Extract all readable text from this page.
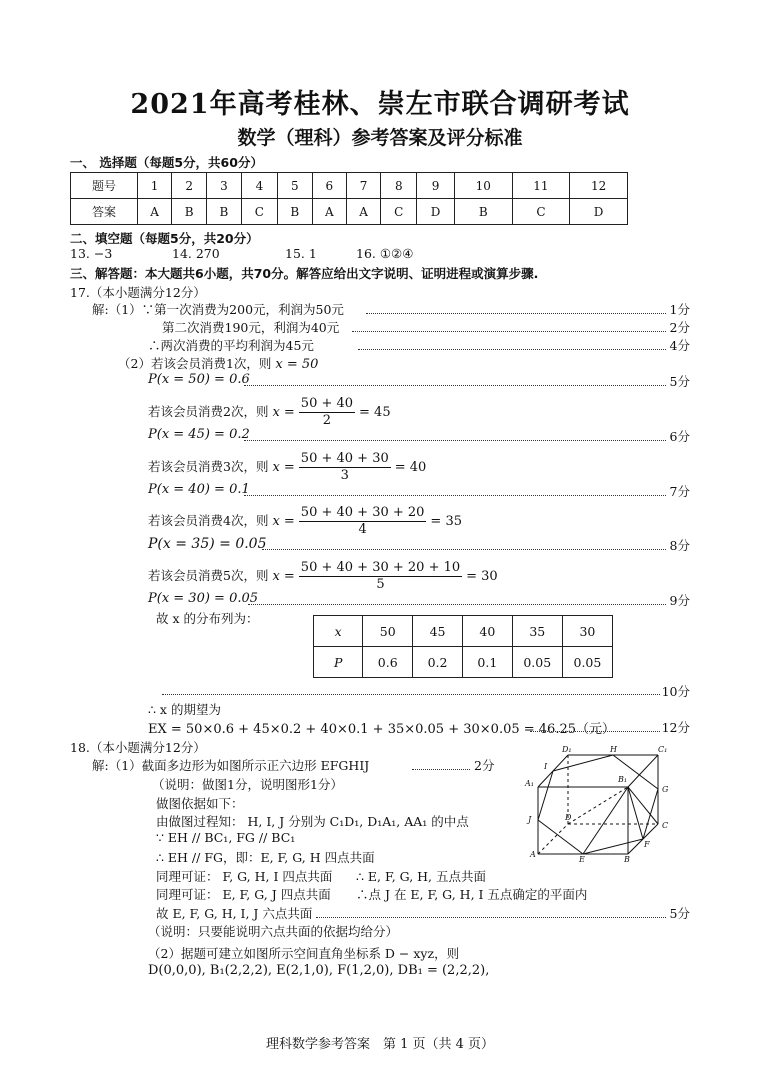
2021年高考桂林、崇左市联合调研考试
数学（理科）参考答案及评分标准
一、 选择题（每题5分，共60分）
题号	1	2	3	4	5	6	7	8	9	10	11	12
答案	A	B	B	C	B	A	A	C	D	B	C	D
二、填空题（每题5分，共20分）
13. −3	14. 270	15. 1	16. ①②④
三、解答题：本大题共6小题，共70分。解答应给出文字说明、证明进程或演算步骤.
17.（本小题满分12分）
解:（1）∵第一次消费为200元，利润为50元	1分
第二次消费190元，利润为40元	2分
∴两次消费的平均利润为45元	4分
（2）若该会员消费1次，则 x = 50
P(x = 50) = 0.6	5分
若该会员消费2次，则 $x = \frac{50 + 40}{2} = 45$
P(x = 45) = 0.2	6分
若该会员消费3次，则 $x = \frac{50 + 40 + 30}{3} = 40$
P(x = 40) = 0.1	7分
若该会员消费4次，则 $x = \frac{50 + 40 + 30 + 20}{4} = 35$
P(x = 35) = 0.05	8分
若该会员消费5次，则 $x = \frac{50 + 40 + 30 + 20 + 10}{5} = 30$
P(x = 30) = 0.05	9分
故 x 的分布列为：
x	50	45	40	35	30
P	0.6	0.2	0.1	0.05	0.05
10分
∴ x 的期望为
EX = 50×0.6 + 45×0.2 + 40×0.1 + 35×0.05 + 30×0.05 = 46.25（元）	12分
18.（本小题满分12分）
解:（1）截面多边形为如图所示正六边形 EFGHIJ	2分
（说明：做图1分，说明图形1分）
做图依据如下：
由做图过程知： H, I, J 分别为 C₁D₁, D₁A₁, AA₁ 的中点
∵ EH // BC₁, FG // BC₁
∴ EH // FG，即：E, F, G, H 四点共面
同理可证： F, G, H, I 四点共面 ∴ E, F, G, H, 五点共面
同理可证： E, F, G, J 四点共面 ∴点 J 在 E, F, G, H, I 五点确定的平面内
故 E, F, G, H, I, J 六点共面	5分
（说明：只要能说明六点共面的依据均给分）
（2）据题可建立如图所示空间直角坐标系 D − xyz，则
D(0,0,0), B₁(2,2,2), E(2,1,0), F(1,2,0), DB₁ = (2,2,2),
D₁	H	C₁
A₁
I
B₁
G
J	D
C
A
E	B
F
理科数学参考答案　第 1 页（共 4 页）
